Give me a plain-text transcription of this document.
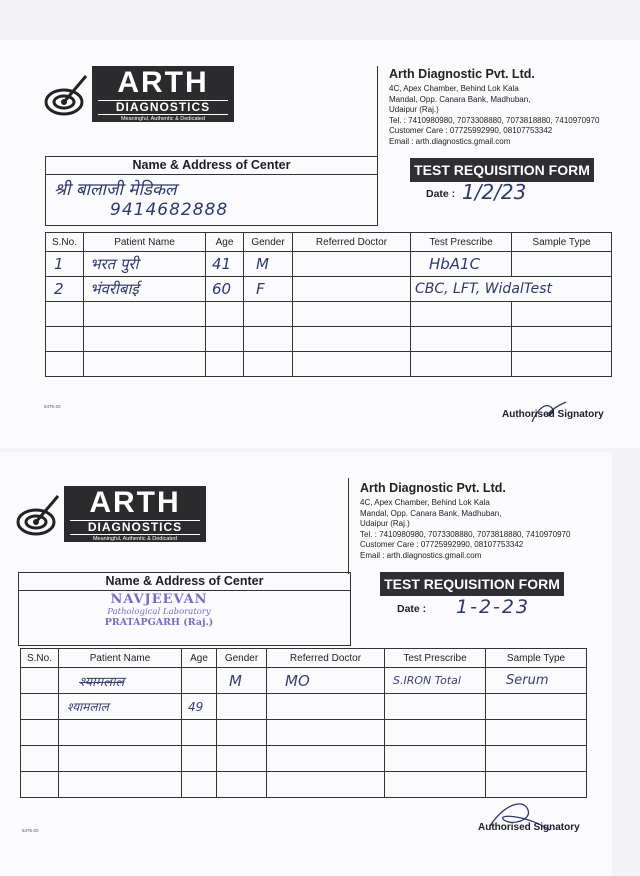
ARTH
DIAGNOSTICS
Meaningful, Authentic & Dedicated
Arth Diagnostic Pvt. Ltd.
4C, Apex Chamber, Behind Lok Kala
Mandal, Opp. Canara Bank, Madhuban,
Udaipur (Raj.)
Tel. : 7410980980, 7073308880, 7073818880, 7410970970
Customer Care : 07725992990, 08107753342
Email : arth.diagnostics.gmail.com
Name & Address of Center
श्री बालाजी मेडिकल
9414682888
TEST REQUISITION FORM
Date : 1/2/23
S.No.	Patient Name	Age	Gender	Referred Doctor	Test Prescribe	Sample Type
1	भरत पुरी	41	M		HbA1C	
2	भंवरीबाई	60	F		CBC, LFT, WidalTest	

5476-20
Authorised Signatory
ARTH
DIAGNOSTICS
Meaningful, Authentic & Dedicated
Arth Diagnostic Pvt. Ltd.
4C, Apex Chamber, Behind Lok Kala
Mandal, Opp. Canara Bank, Madhuban,
Udaipur (Raj.)
Tel. : 7410980980, 7073308880, 7073818880, 7410970970
Customer Care : 07725992990, 08107753342
Email : arth.diagnostics.gmail.com
Name & Address of Center
NAVJEEVAN
Pathological Laboratory
PRATAPGARH (Raj.)
TEST REQUISITION FORM
Date : 1-2-23
S.No.	Patient Name	Age	Gender	Referred Doctor	Test Prescribe	Sample Type
	श्यामलाल		M	MO	S.IRON Total	Serum
	श्यामलाल	49				

5476-20	Authorised Signatory
